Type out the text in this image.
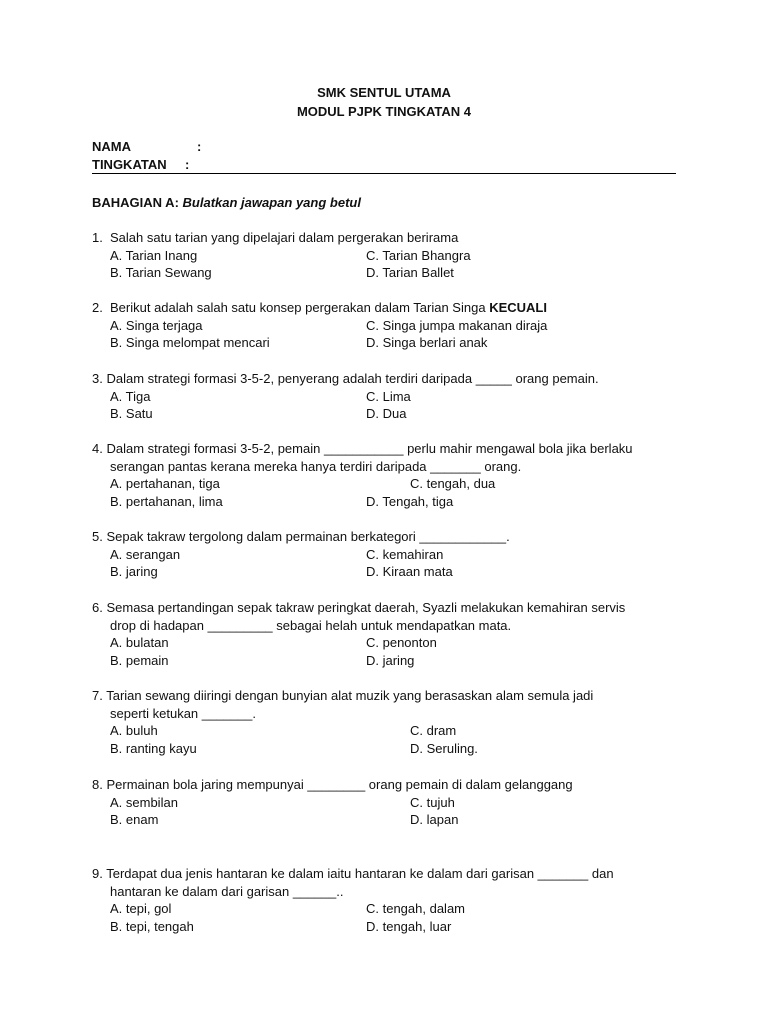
SMK SENTUL UTAMA
MODUL PJPK TINGKATAN 4
NAMA	:
TINGKATAN :
BAHAGIAN A: Bulatkan jawapan yang betul
1. Salah satu tarian yang dipelajari dalam pergerakan berirama
A. Tarian Inang	C. Tarian Bhangra
B. Tarian Sewang	D. Tarian Ballet
2. Berikut adalah salah satu konsep pergerakan dalam Tarian Singa KECUALI
A. Singa terjaga	C. Singa jumpa makanan diraja
B. Singa melompat mencari	D. Singa berlari anak
3. Dalam strategi formasi 3-5-2, penyerang adalah terdiri daripada _____ orang pemain.
A. Tiga	C. Lima
B. Satu	D. Dua
4. Dalam strategi formasi 3-5-2, pemain ___________ perlu mahir mengawal bola jika berlaku
serangan pantas kerana mereka hanya terdiri daripada _______ orang.
A. pertahanan, tiga	C. tengah, dua
B. pertahanan, lima	D. Tengah, tiga
5. Sepak takraw tergolong dalam permainan berkategori ____________.
A. serangan	C. kemahiran
B. jaring	D. Kiraan mata
6. Semasa pertandingan sepak takraw peringkat daerah, Syazli melakukan kemahiran servis
drop di hadapan _________ sebagai helah untuk mendapatkan mata.
A. bulatan	C. penonton
B. pemain	D. jaring
7. Tarian sewang diiringi dengan bunyian alat muzik yang berasaskan alam semula jadi
seperti ketukan _______.
A. buluh	C. dram
B. ranting kayu	D. Seruling.
8. Permainan bola jaring mempunyai ________ orang pemain di dalam gelanggang
A. sembilan	C. tujuh
B. enam	D. lapan
9. Terdapat dua jenis hantaran ke dalam iaitu hantaran ke dalam dari garisan _______ dan
hantaran ke dalam dari garisan ______..
A. tepi, gol	C. tengah, dalam
B. tepi, tengah	D. tengah, luar
